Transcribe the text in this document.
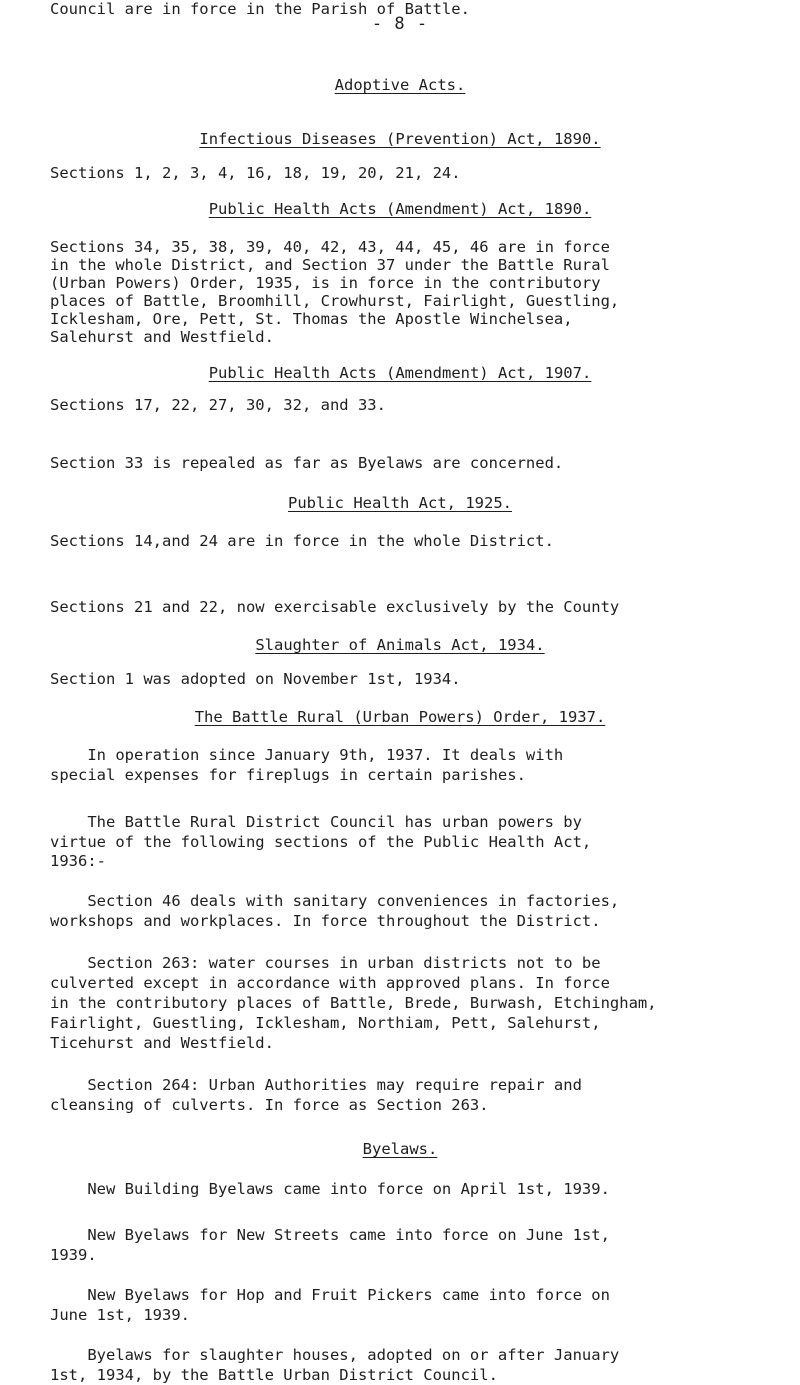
- 8 -
Adoptive Acts.
Infectious Diseases (Prevention) Act, 1890.
Sections 1, 2, 3, 4, 16, 18, 19, 20, 21, 24.
Public Health Acts (Amendment) Act, 1890.
Sections 34, 35, 38, 39, 40, 42, 43, 44, 45, 46 are in force
in the whole District, and Section 37 under the Battle Rural
(Urban Powers) Order, 1935, is in force in the contributory
places of Battle, Broomhill, Crowhurst, Fairlight, Guestling,
Icklesham, Ore, Pett, St. Thomas the Apostle Winchelsea,
Salehurst and Westfield.
Public Health Acts (Amendment) Act, 1907.
Sections 17, 22, 27, 30, 32, and 33.
Section 33 is repealed as far as Byelaws are concerned.
Public Health Act, 1925.
Sections 14,and 24 are in force in the whole District.
Sections 21 and 22, now exercisable exclusively by the County
Council are in force in the Parish of Battle.
Slaughter of Animals Act, 1934.
Section 1 was adopted on November 1st, 1934.
The Battle Rural (Urban Powers) Order, 1937.
In operation since January 9th, 1937. It deals with
special expenses for fireplugs in certain parishes.
The Battle Rural District Council has urban powers by
virtue of the following sections of the Public Health Act,
1936:-
Section 46 deals with sanitary conveniences in factories,
workshops and workplaces. In force throughout the District.
Section 263: water courses in urban districts not to be
culverted except in accordance with approved plans. In force
in the contributory places of Battle, Brede, Burwash, Etchingham,
Fairlight, Guestling, Icklesham, Northiam, Pett, Salehurst,
Ticehurst and Westfield.
Section 264: Urban Authorities may require repair and
cleansing of culverts. In force as Section 263.
Byelaws.
New Building Byelaws came into force on April 1st, 1939.
New Byelaws for New Streets came into force on June 1st,
1939.
New Byelaws for Hop and Fruit Pickers came into force on
June 1st, 1939.
Byelaws for slaughter houses, adopted on or after January
1st, 1934, by the Battle Urban District Council.
